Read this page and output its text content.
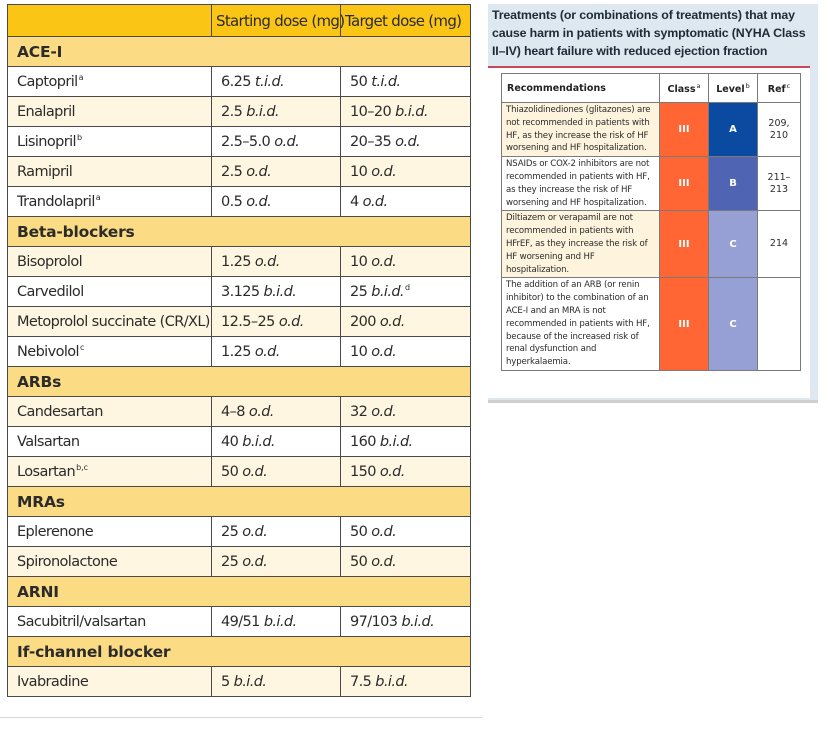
	Starting dose (mg)	Target dose (mg)
ACE-I		
Captopril$^a$	6.25 t.i.d.	50 t.i.d.
Enalapril	2.5 b.i.d.	10–20 b.i.d.
Lisinopril$^b$	2.5–5.0 o.d.	20–35 o.d.
Ramipril	2.5 o.d.	10 o.d.
Trandolapril$^a$	0.5 o.d.	4 o.d.
Beta-blockers		
Bisoprolol	1.25 o.d.	10 o.d.
Carvedilol	3.125 b.i.d.	25 b.i.d.$^d$
Metoprolol succinate (CR/XL)	12.5–25 o.d.	200 o.d.
Nebivolol$^c$	1.25 o.d.	10 o.d.
ARBs		
Candesartan	4–8 o.d.	32 o.d.
Valsartan	40 b.i.d.	160 b.i.d.
Losartan$^{b,c}$	50 o.d.	150 o.d.
MRAs		
Eplerenone	25 o.d.	50 o.d.
Spironolactone	25 o.d.	50 o.d.
ARNI		
Sacubitril/valsartan	49/51 b.i.d.	97/103 b.i.d.
If-channel blocker		
Ivabradine	5 b.i.d.	7.5 b.i.d.
Treatments (or combinations of treatments) that may cause harm in patients with symptomatic (NYHA Class II–IV) heart failure with reduced ejection fraction
Recommendations	Class$^a$	Level$^b$	Ref$^c$
Thiazolidinediones (glitazones) are not recommended in patients with HF, as they increase the risk of HF worsening and HF hospitalization.	III	A	209, 210
NSAIDs or COX-2 inhibitors are not recommended in patients with HF, as they increase the risk of HF worsening and HF hospitalization.	III	B	211–213
Diltiazem or verapamil are not recommended in patients with HFrEF, as they increase the risk of HF worsening and HF hospitalization.	III	C	214
The addition of an ARB (or renin inhibitor) to the combination of an ACE-I and an MRA is not recommended in patients with HF, because of the increased risk of renal dysfunction and hyperkalaemia.	III	C	
